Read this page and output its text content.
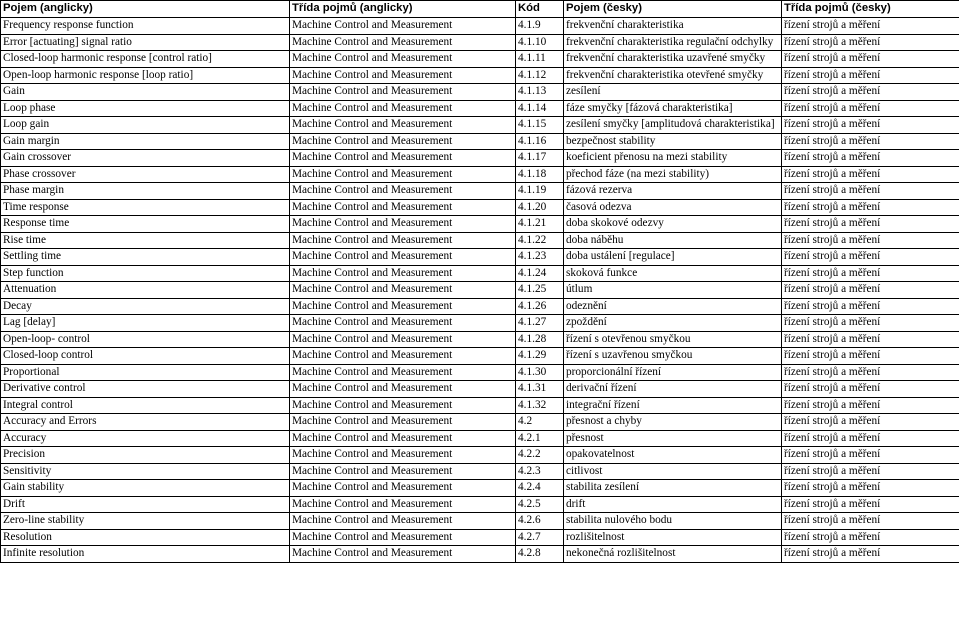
Pojem (anglicky)	Třída pojmů (anglicky)	Kód	Pojem (česky)	Třída pojmů (česky)
Frequency response function	Machine Control and Measurement	4.1.9	frekvenční charakteristika	řízení strojů a měření
Error [actuating] signal ratio	Machine Control and Measurement	4.1.10	frekvenční charakteristika regulační odchylky	řízení strojů a měření
Closed-loop harmonic response [control ratio]	Machine Control and Measurement	4.1.11	frekvenční charakteristika uzavřené smyčky	řízení strojů a měření
Open-loop harmonic response [loop ratio]	Machine Control and Measurement	4.1.12	frekvenční charakteristika otevřené smyčky	řízení strojů a měření
Gain	Machine Control and Measurement	4.1.13	zesílení	řízení strojů a měření
Loop phase	Machine Control and Measurement	4.1.14	fáze smyčky [fázová charakteristika]	řízení strojů a měření
Loop gain	Machine Control and Measurement	4.1.15	zesílení smyčky [amplitudová charakteristika]	řízení strojů a měření
Gain margin	Machine Control and Measurement	4.1.16	bezpečnost stability	řízení strojů a měření
Gain crossover	Machine Control and Measurement	4.1.17	koeficient přenosu na mezi stability	řízení strojů a měření
Phase crossover	Machine Control and Measurement	4.1.18	přechod fáze (na mezi stability)	řízení strojů a měření
Phase margin	Machine Control and Measurement	4.1.19	fázová rezerva	řízení strojů a měření
Time response	Machine Control and Measurement	4.1.20	časová odezva	řízení strojů a měření
Response time	Machine Control and Measurement	4.1.21	doba skokové odezvy	řízení strojů a měření
Rise time	Machine Control and Measurement	4.1.22	doba náběhu	řízení strojů a měření
Settling time	Machine Control and Measurement	4.1.23	doba ustálení [regulace]	řízení strojů a měření
Step function	Machine Control and Measurement	4.1.24	skoková funkce	řízení strojů a měření
Attenuation	Machine Control and Measurement	4.1.25	útlum	řízení strojů a měření
Decay	Machine Control and Measurement	4.1.26	odeznění	řízení strojů a měření
Lag [delay]	Machine Control and Measurement	4.1.27	zpoždění	řízení strojů a měření
Open-loop- control	Machine Control and Measurement	4.1.28	řízení s otevřenou smyčkou	řízení strojů a měření
Closed-loop control	Machine Control and Measurement	4.1.29	řízení s uzavřenou smyčkou	řízení strojů a měření
Proportional	Machine Control and Measurement	4.1.30	proporcionální řízení	řízení strojů a měření
Derivative control	Machine Control and Measurement	4.1.31	derivační řízení	řízení strojů a měření
Integral control	Machine Control and Measurement	4.1.32	integrační řízení	řízení strojů a měření
Accuracy and Errors	Machine Control and Measurement	4.2	přesnost a chyby	řízení strojů a měření
Accuracy	Machine Control and Measurement	4.2.1	přesnost	řízení strojů a měření
Precision	Machine Control and Measurement	4.2.2	opakovatelnost	řízení strojů a měření
Sensitivity	Machine Control and Measurement	4.2.3	citlivost	řízení strojů a měření
Gain stability	Machine Control and Measurement	4.2.4	stabilita zesílení	řízení strojů a měření
Drift	Machine Control and Measurement	4.2.5	drift	řízení strojů a měření
Zero-line stability	Machine Control and Measurement	4.2.6	stabilita nulového bodu	řízení strojů a měření
Resolution	Machine Control and Measurement	4.2.7	rozlišitelnost	řízení strojů a měření
Infinite resolution	Machine Control and Measurement	4.2.8	nekonečná rozlišitelnost	řízení strojů a měření
